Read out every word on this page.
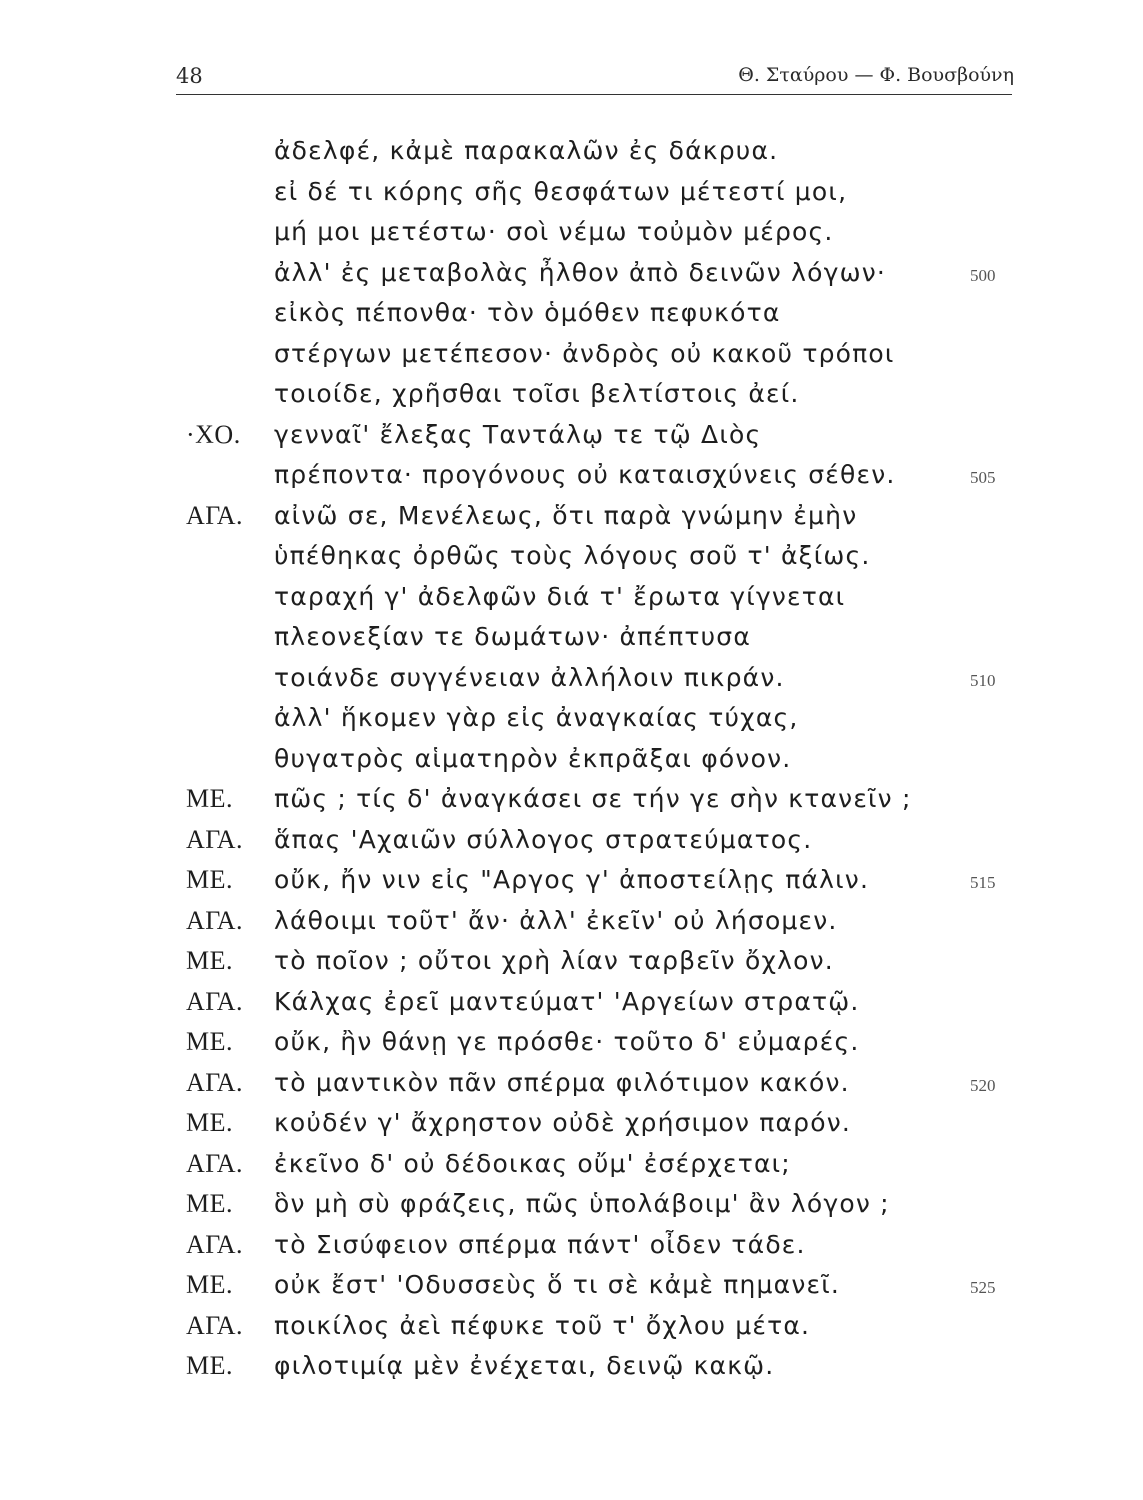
48	Θ. Σταύρου — Φ. Βουσβούνη
ἀδελφέ, κἀμὲ παρακαλῶν ἐς δάκρυα.
εἰ δέ τι κόρης σῆς θεσφάτων μέτεστί μοι,
μή μοι μετέστω· σοὶ νέμω τοὐμὸν μέρος.
ἀλλ' ἐς μεταβολὰς ἦλθον ἀπὸ δεινῶν λόγων·	500
εἰκὸς πέπονθα· τὸν ὁμόθεν πεφυκότα
στέργων μετέπεσον· ἀνδρὸς οὐ κακοῦ τρόποι
τοιοίδε, χρῆσθαι τοῖσι βελτίστοις ἀεί.
·ΧΟ. γενναῖ' ἔλεξας Ταντάλῳ τε τῷ Διὸς
πρέποντα· προγόνους οὐ καταισχύνεις σέθεν.	505
ΑΓΑ. αἰνῶ σε, Μενέλεως, ὅτι παρὰ γνώμην ἐμὴν
ὑπέθηκας ὀρθῶς τοὺς λόγους σοῦ τ' ἀξίως.
ταραχή γ' ἀδελφῶν διά τ' ἔρωτα γίγνεται
πλεονεξίαν τε δωμάτων· ἀπέπτυσα
τοιάνδε συγγένειαν ἀλλήλοιν πικράν.	510
ἀλλ' ἥκομεν γὰρ εἰς ἀναγκαίας τύχας,
θυγατρὸς αἱματηρὸν ἐκπρᾶξαι φόνον.
ΜΕ. πῶς ; τίς δ' ἀναγκάσει σε τήν γε σὴν κτανεῖν ;
ΑΓΑ. ἅπας 'Αχαιῶν σύλλογος στρατεύματος.
ΜΕ. οὔκ, ἤν νιν εἰς "Αργος γ' ἀποστείλῃς πάλιν.	515
ΑΓΑ. λάθοιμι τοῦτ' ἄν· ἀλλ' ἐκεῖν' οὐ λήσομεν.
ΜΕ. τὸ ποῖον ; οὔτοι χρὴ λίαν ταρβεῖν ὄχλον.
ΑΓΑ. Κάλχας ἐρεῖ μαντεύματ' 'Αργείων στρατῷ.
ΜΕ. οὔκ, ἢν θάνῃ γε πρόσθε· τοῦτο δ' εὐμαρές.
ΑΓΑ. τὸ μαντικὸν πᾶν σπέρμα φιλότιμον κακόν.	520
ΜΕ. κοὐδέν γ' ἄχρηστον οὐδὲ χρήσιμον παρόν.
ΑΓΑ. ἐκεῖνο δ' οὐ δέδοικας οὔμ' ἐσέρχεται;
ΜΕ. ὃν μὴ σὺ φράζεις, πῶς ὑπολάβοιμ' ἂν λόγον ;
ΑΓΑ. τὸ Σισύφειον σπέρμα πάντ' οἶδεν τάδε.
ΜΕ. οὐκ ἔστ' 'Οδυσσεὺς ὅ τι σὲ κἀμὲ πημανεῖ.	525
ΑΓΑ. ποικίλος ἀεὶ πέφυκε τοῦ τ' ὄχλου μέτα.
ΜΕ. φιλοτιμίᾳ μὲν ἐνέχεται, δεινῷ κακῷ.
